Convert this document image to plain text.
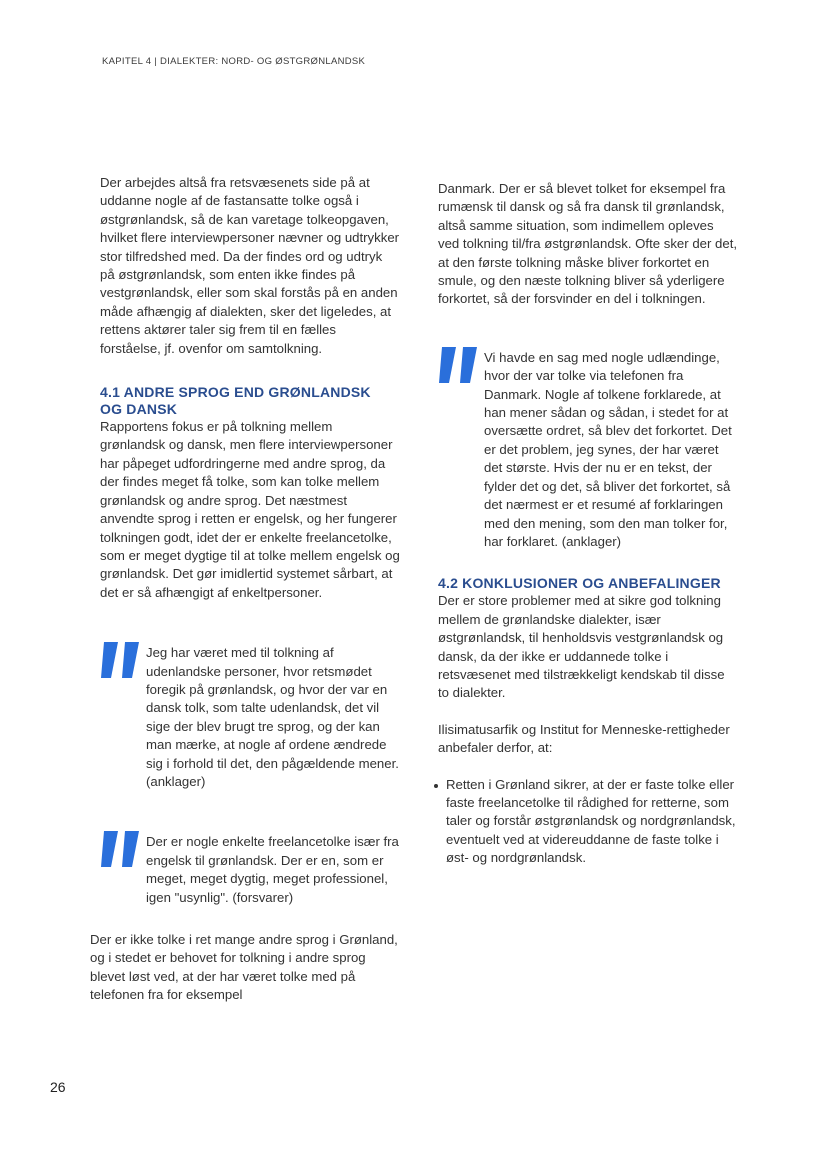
KAPITEL 4 | DIALEKTER: NORD- OG ØSTGRØNLANDSK

Der arbejdes altså fra retsvæsenets side på at uddanne nogle af de fastansatte tolke også i østgrønlandsk, så de kan varetage tolkeopgaven, hvilket flere interviewpersoner nævner og udtrykker stor tilfredshed med. Da der findes ord og udtryk på østgrønlandsk, som enten ikke findes på vestgrønlandsk, eller som skal forstås på en anden måde afhængig af dialekten, sker det ligeledes, at rettens aktører taler sig frem til en fælles forståelse, jf. ovenfor om samtolkning.

4.1 ANDRE SPROG END GRØNLANDSK OG DANSK

Rapportens fokus er på tolkning mellem grønlandsk og dansk, men flere interviewpersoner har påpeget udfordringerne med andre sprog, da der findes meget få tolke, som kan tolke mellem grønlandsk og andre sprog. Det næstmest anvendte sprog i retten er engelsk, og her fungerer tolkningen godt, idet der er enkelte freelancetolke, som er meget dygtige til at tolke mellem engelsk og grønlandsk. Det gør imidlertid systemet sårbart, at det er så afhængigt af enkeltpersoner.

Jeg har været med til tolkning af udenlandske personer, hvor retsmødet foregik på grønlandsk, og hvor der var en dansk tolk, som talte udenlandsk, det vil sige der blev brugt tre sprog, og der kan man mærke, at nogle af ordene ændrede sig i forhold til det, den pågældende mener. (anklager)

Der er nogle enkelte freelancetolke især fra engelsk til grønlandsk. Der er en, som er meget, meget dygtig, meget professionel, igen "usynlig". (forsvarer)

Der er ikke tolke i ret mange andre sprog i Grønland, og i stedet er behovet for tolkning i andre sprog blevet løst ved, at der har været tolke med på telefonen fra for eksempel

Danmark. Der er så blevet tolket for eksempel fra rumænsk til dansk og så fra dansk til grønlandsk, altså samme situation, som indimellem opleves ved tolkning til/fra østgrønlandsk. Ofte sker der det, at den første tolkning måske bliver forkortet en smule, og den næste tolkning bliver så yderligere forkortet, så der forsvinder en del i tolkningen.

Vi havde en sag med nogle udlændinge, hvor der var tolke via telefonen fra Danmark. Nogle af tolkene forklarede, at han mener sådan og sådan, i stedet for at oversætte ordret, så blev det forkortet. Det er det problem, jeg synes, der har været det største. Hvis der nu er en tekst, der fylder det og det, så bliver det forkortet, så det nærmest er et resumé af forklaringen med den mening, som den man tolker for, har forklaret. (anklager)

4.2 KONKLUSIONER OG ANBEFALINGER

Der er store problemer med at sikre god tolkning mellem de grønlandske dialekter, især østgrønlandsk, til henholdsvis vestgrønlandsk og dansk, da der ikke er uddannede tolke i retsvæsenet med tilstrækkeligt kendskab til disse to dialekter.

Ilisimatusarfik og Institut for Menneske-rettigheder anbefaler derfor, at:

Retten i Grønland sikrer, at der er faste tolke eller faste freelancetolke til rådighed for retterne, som taler og forstår østgrønlandsk og nordgrønlandsk, eventuelt ved at videreuddanne de faste tolke i øst- og nordgrønlandsk.
26
